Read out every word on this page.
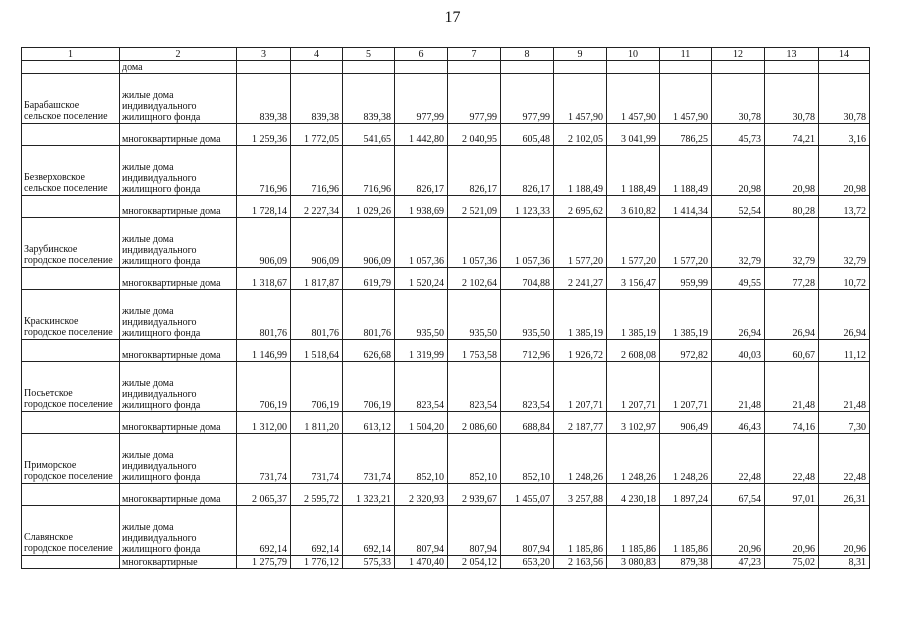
17
1	2	3	4	5	6	7	8	9	10	11	12	13	14
	дома												
Барабашское сельское поселение	жилые дома индивидуального жилищного фонда	839,38	839,38	839,38	977,99	977,99	977,99	1 457,90	1 457,90	1 457,90	30,78	30,78	30,78
	многоквартирные дома	1 259,36	1 772,05	541,65	1 442,80	2 040,95	605,48	2 102,05	3 041,99	786,25	45,73	74,21	3,16
Безверховское сельское поселение	жилые дома индивидуального жилищного фонда	716,96	716,96	716,96	826,17	826,17	826,17	1 188,49	1 188,49	1 188,49	20,98	20,98	20,98
	многоквартирные дома	1 728,14	2 227,34	1 029,26	1 938,69	2 521,09	1 123,33	2 695,62	3 610,82	1 414,34	52,54	80,28	13,72
Зарубинское городское поселение	жилые дома индивидуального жилищного фонда	906,09	906,09	906,09	1 057,36	1 057,36	1 057,36	1 577,20	1 577,20	1 577,20	32,79	32,79	32,79
	многоквартирные дома	1 318,67	1 817,87	619,79	1 520,24	2 102,64	704,88	2 241,27	3 156,47	959,99	49,55	77,28	10,72
Краскинское городское поселение	жилые дома индивидуального жилищного фонда	801,76	801,76	801,76	935,50	935,50	935,50	1 385,19	1 385,19	1 385,19	26,94	26,94	26,94
	многоквартирные дома	1 146,99	1 518,64	626,68	1 319,99	1 753,58	712,96	1 926,72	2 608,08	972,82	40,03	60,67	11,12
Посьетское городское поселение	жилые дома индивидуального жилищного фонда	706,19	706,19	706,19	823,54	823,54	823,54	1 207,71	1 207,71	1 207,71	21,48	21,48	21,48
	многоквартирные дома	1 312,00	1 811,20	613,12	1 504,20	2 086,60	688,84	2 187,77	3 102,97	906,49	46,43	74,16	7,30
Приморское городское поселение	жилые дома индивидуального жилищного фонда	731,74	731,74	731,74	852,10	852,10	852,10	1 248,26	1 248,26	1 248,26	22,48	22,48	22,48
	многоквартирные дома	2 065,37	2 595,72	1 323,21	2 320,93	2 939,67	1 455,07	3 257,88	4 230,18	1 897,24	67,54	97,01	26,31
Славянское городское поселение	жилые дома индивидуального жилищного фонда	692,14	692,14	692,14	807,94	807,94	807,94	1 185,86	1 185,86	1 185,86	20,96	20,96	20,96
	многоквартирные	1 275,79	1 776,12	575,33	1 470,40	2 054,12	653,20	2 163,56	3 080,83	879,38	47,23	75,02	8,31
